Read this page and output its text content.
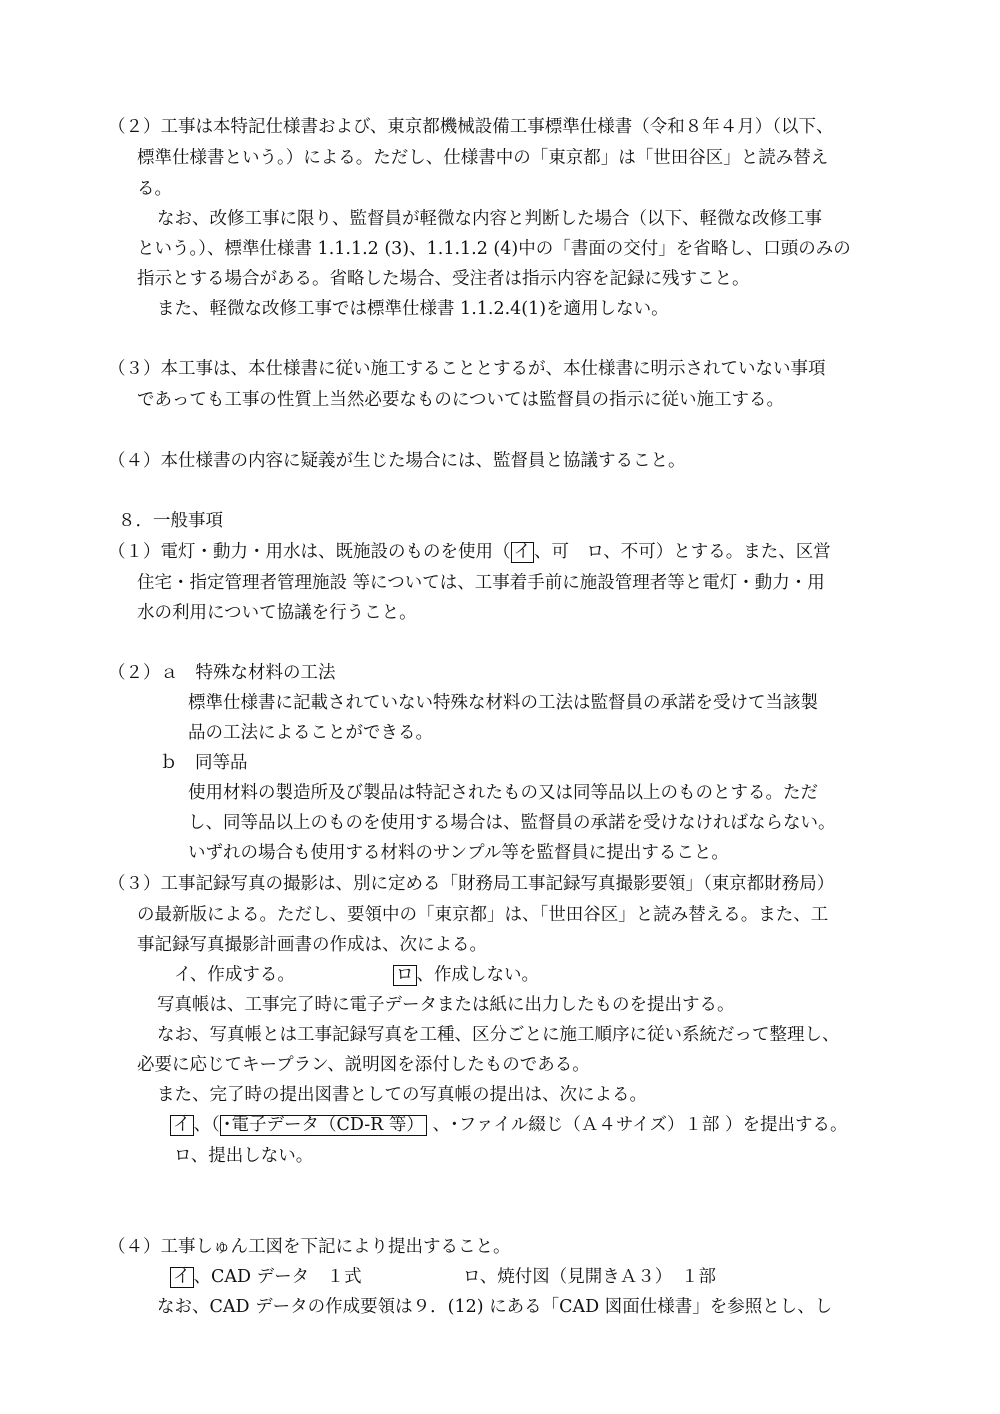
（２）工事は本特記仕様書および、東京都機械設備工事標準仕様書（令和８年４月）（以下、
標準仕様書という。）による。ただし、仕様書中の「東京都」は「世田谷区」と読み替え
る。
なお、改修工事に限り、監督員が軽微な内容と判断した場合（以下、軽微な改修工事
という。）、標準仕様書 1.1.1.2 (3)、1.1.1.2 (4)中の「書面の交付」を省略し、口頭のみの
指示とする場合がある。省略した場合、受注者は指示内容を記録に残すこと。
また、軽微な改修工事では標準仕様書 1.1.2.4(1)を適用しない。
（３）本工事は、本仕様書に従い施工することとするが、本仕様書に明示されていない事項
であっても工事の性質上当然必要なものについては監督員の指示に従い施工する。
（４）本仕様書の内容に疑義が生じた場合には、監督員と協議すること。
８．一般事項
（１）電灯・動力・用水は、既施設のものを使用（ イ 、可　ロ、不可）とする。また、区営
住宅・指定管理者管理施設 等については、工事着手前に施設管理者等と電灯・動力・用
水の利用について協議を行うこと。
（２）ａ　特殊な材料の工法
標準仕様書に記載されていない特殊な材料の工法は監督員の承諾を受けて当該製
品の工法によることができる。
ｂ　同等品
使用材料の製造所及び製品は特記されたもの又は同等品以上のものとする。ただ
し、同等品以上のものを使用する場合は、監督員の承諾を受けなければならない。
いずれの場合も使用する材料のサンプル等を監督員に提出すること。
（３）工事記録写真の撮影は、別に定める「財務局工事記録写真撮影要領」（東京都財務局）
の最新版による。ただし、要領中の「東京都」は、「世田谷区」と読み替える。また、工
事記録写真撮影計画書の作成は、次による。
イ、作成する。	ロ 、作成しない。
写真帳は、工事完了時に電子データまたは紙に出力したものを提出する。
なお、写真帳とは工事記録写真を工種、区分ごとに施工順序に従い系統だって整理し、
必要に応じてキープラン、説明図を添付したものである。
また、完了時の提出図書としての写真帳の提出は、次による。
イ 、（ ･電子データ（CD-R 等） 、･ファイル綴じ（Ａ４サイズ）１部 ）を提出する。
ロ、提出しない。
（４）工事しゅん工図を下記により提出すること。
イ 、CAD データ　１式	ロ、焼付図（見開きＡ３）　１部
なお、CAD データの作成要領は９．(12) にある「CAD 図面仕様書」を参照とし、し
